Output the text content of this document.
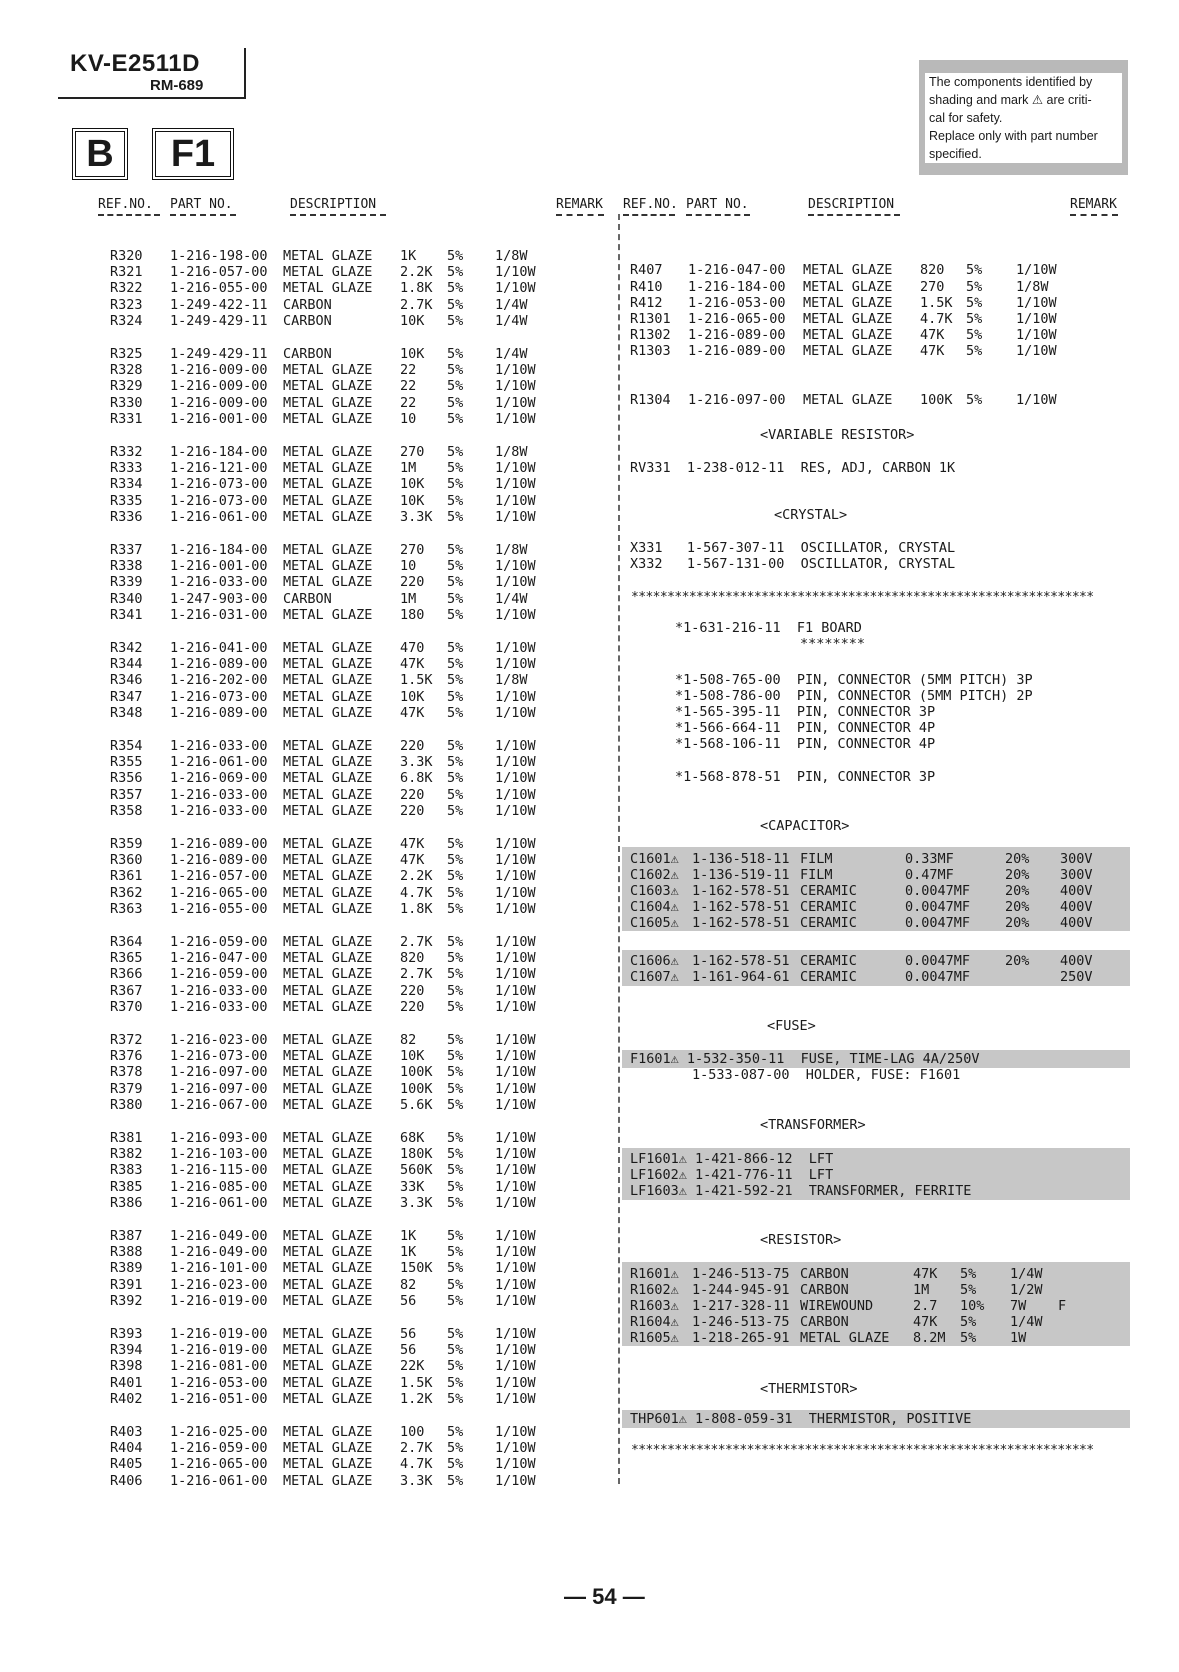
KV-E2511D
RM-689
B	F1
The components identified by
shading and mark ⚠ are criti-
cal for safety.
Replace only with part number
specified.
REF.NO. PART NO.	DESCRIPTION	REMARK REF.NO. PART NO.	DESCRIPTION	REMARK
R320 1-216-198-00 METAL GLAZE 1K 5% 1/8W
R321 1-216-057-00 METAL GLAZE 2.2K 5% 1/10W
R322 1-216-055-00 METAL GLAZE 1.8K 5% 1/10W
R323 1-249-422-11 CARBON	2.7K 5% 1/4W
R324 1-249-429-11 CARBON	10K 5% 1/4W
R325 1-249-429-11 CARBON	10K 5% 1/4W
R328 1-216-009-00 METAL GLAZE 22 5% 1/10W
R329 1-216-009-00 METAL GLAZE 22 5% 1/10W
R330 1-216-009-00 METAL GLAZE 22 5% 1/10W
R331 1-216-001-00 METAL GLAZE 10 5% 1/10W
R332 1-216-184-00 METAL GLAZE 270 5% 1/8W
R333 1-216-121-00 METAL GLAZE 1M 5% 1/10W
R334 1-216-073-00 METAL GLAZE 10K 5% 1/10W
R335 1-216-073-00 METAL GLAZE 10K 5% 1/10W
R336 1-216-061-00 METAL GLAZE 3.3K 5% 1/10W
R337 1-216-184-00 METAL GLAZE 270 5% 1/8W
R338 1-216-001-00 METAL GLAZE 10 5% 1/10W
R339 1-216-033-00 METAL GLAZE 220 5% 1/10W
R340 1-247-903-00 CARBON	1M 5% 1/4W
R341 1-216-031-00 METAL GLAZE 180 5% 1/10W
R342 1-216-041-00 METAL GLAZE 470 5% 1/10W
R344 1-216-089-00 METAL GLAZE 47K 5% 1/10W
R346 1-216-202-00 METAL GLAZE 1.5K 5% 1/8W
R347 1-216-073-00 METAL GLAZE 10K 5% 1/10W
R348 1-216-089-00 METAL GLAZE 47K 5% 1/10W
R354 1-216-033-00 METAL GLAZE 220 5% 1/10W
R355 1-216-061-00 METAL GLAZE 3.3K 5% 1/10W
R356 1-216-069-00 METAL GLAZE 6.8K 5% 1/10W
R357 1-216-033-00 METAL GLAZE 220 5% 1/10W
R358 1-216-033-00 METAL GLAZE 220 5% 1/10W
R359 1-216-089-00 METAL GLAZE 47K 5% 1/10W
R360 1-216-089-00 METAL GLAZE 47K 5% 1/10W
R361 1-216-057-00 METAL GLAZE 2.2K 5% 1/10W
R362 1-216-065-00 METAL GLAZE 4.7K 5% 1/10W
R363 1-216-055-00 METAL GLAZE 1.8K 5% 1/10W
R364 1-216-059-00 METAL GLAZE 2.7K 5% 1/10W
R365 1-216-047-00 METAL GLAZE 820 5% 1/10W
R366 1-216-059-00 METAL GLAZE 2.7K 5% 1/10W
R367 1-216-033-00 METAL GLAZE 220 5% 1/10W
R370 1-216-033-00 METAL GLAZE 220 5% 1/10W
R372 1-216-023-00 METAL GLAZE 82 5% 1/10W
R376 1-216-073-00 METAL GLAZE 10K 5% 1/10W
R378 1-216-097-00 METAL GLAZE 100K 5% 1/10W
R379 1-216-097-00 METAL GLAZE 100K 5% 1/10W
R380 1-216-067-00 METAL GLAZE 5.6K 5% 1/10W
R381 1-216-093-00 METAL GLAZE 68K 5% 1/10W
R382 1-216-103-00 METAL GLAZE 180K 5% 1/10W
R383 1-216-115-00 METAL GLAZE 560K 5% 1/10W
R385 1-216-085-00 METAL GLAZE 33K 5% 1/10W
R386 1-216-061-00 METAL GLAZE 3.3K 5% 1/10W
R387 1-216-049-00 METAL GLAZE 1K 5% 1/10W
R388 1-216-049-00 METAL GLAZE 1K 5% 1/10W
R389 1-216-101-00 METAL GLAZE 150K 5% 1/10W
R391 1-216-023-00 METAL GLAZE 82 5% 1/10W
R392 1-216-019-00 METAL GLAZE 56 5% 1/10W
R393 1-216-019-00 METAL GLAZE 56 5% 1/10W
R394 1-216-019-00 METAL GLAZE 56 5% 1/10W
R398 1-216-081-00 METAL GLAZE 22K 5% 1/10W
R401 1-216-053-00 METAL GLAZE 1.5K 5% 1/10W
R402 1-216-051-00 METAL GLAZE 1.2K 5% 1/10W
R403 1-216-025-00 METAL GLAZE 100 5% 1/10W
R404 1-216-059-00 METAL GLAZE 2.7K 5% 1/10W
R405 1-216-065-00 METAL GLAZE 4.7K 5% 1/10W
R406 1-216-061-00 METAL GLAZE 3.3K 5% 1/10W

R407 1-216-047-00 METAL GLAZE 820 5% 1/10W

R410 1-216-184-00 METAL GLAZE 270 5% 1/8W
R412 1-216-053-00 METAL GLAZE 1.5K 5% 1/10W
R1301 1-216-065-00 METAL GLAZE 4.7K 5% 1/10W
R1302 1-216-089-00 METAL GLAZE 47K 5% 1/10W
R1303 1-216-089-00 METAL GLAZE 47K 5% 1/10W

R1304 1-216-097-00 METAL GLAZE 100K 5% 1/10W

<VARIABLE RESISTOR>
RV331  1-238-012-11  RES, ADJ, CARBON 1K
<CRYSTAL>
X331   1-567-307-11  OSCILLATOR, CRYSTAL
X332   1-567-131-00  OSCILLATOR, CRYSTAL
****************************************************************
*1-631-216-11  F1 BOARD
********
*1-508-765-00  PIN, CONNECTOR (5MM PITCH) 3P
*1-508-786-00  PIN, CONNECTOR (5MM PITCH) 2P
*1-565-395-11  PIN, CONNECTOR 3P
*1-566-664-11  PIN, CONNECTOR 4P
*1-568-106-11  PIN, CONNECTOR 4P
*1-568-878-51  PIN, CONNECTOR 3P
<CAPACITOR>
C1601⚠ 1-136-518-11 FILM	0.33MF	20% 300V
C1602⚠ 1-136-519-11 FILM	0.47MF	20% 300V
C1603⚠ 1-162-578-51 CERAMIC	0.0047MF	20% 400V
C1604⚠ 1-162-578-51 CERAMIC	0.0047MF	20% 400V
C1605⚠ 1-162-578-51 CERAMIC	0.0047MF	20% 400V
C1606⚠ 1-162-578-51 CERAMIC	0.0047MF	20% 400V
C1607⚠ 1-161-964-61 CERAMIC	0.0047MF	250V
<FUSE>
F1601⚠ 1-532-350-11  FUSE, TIME-LAG 4A/250V
1-533-087-00  HOLDER, FUSE: F1601
<TRANSFORMER>
LF1601⚠ 1-421-866-12  LFT
LF1602⚠ 1-421-776-11  LFT
LF1603⚠ 1-421-592-21  TRANSFORMER, FERRITE
<RESISTOR>
R1601⚠ 1-246-513-75 CARBON	47K 5% 1/4W
R1602⚠ 1-244-945-91 CARBON	1M 5% 1/2W
R1603⚠ 1-217-328-11 WIREWOUND	2.7 10% 7W F
R1604⚠ 1-246-513-75 CARBON	47K 5% 1/4W
R1605⚠ 1-218-265-91 METAL GLAZE 8.2M 5% 1W
<THERMISTOR>
THP601⚠ 1-808-059-31  THERMISTOR, POSITIVE
****************************************************************
— 54 —
